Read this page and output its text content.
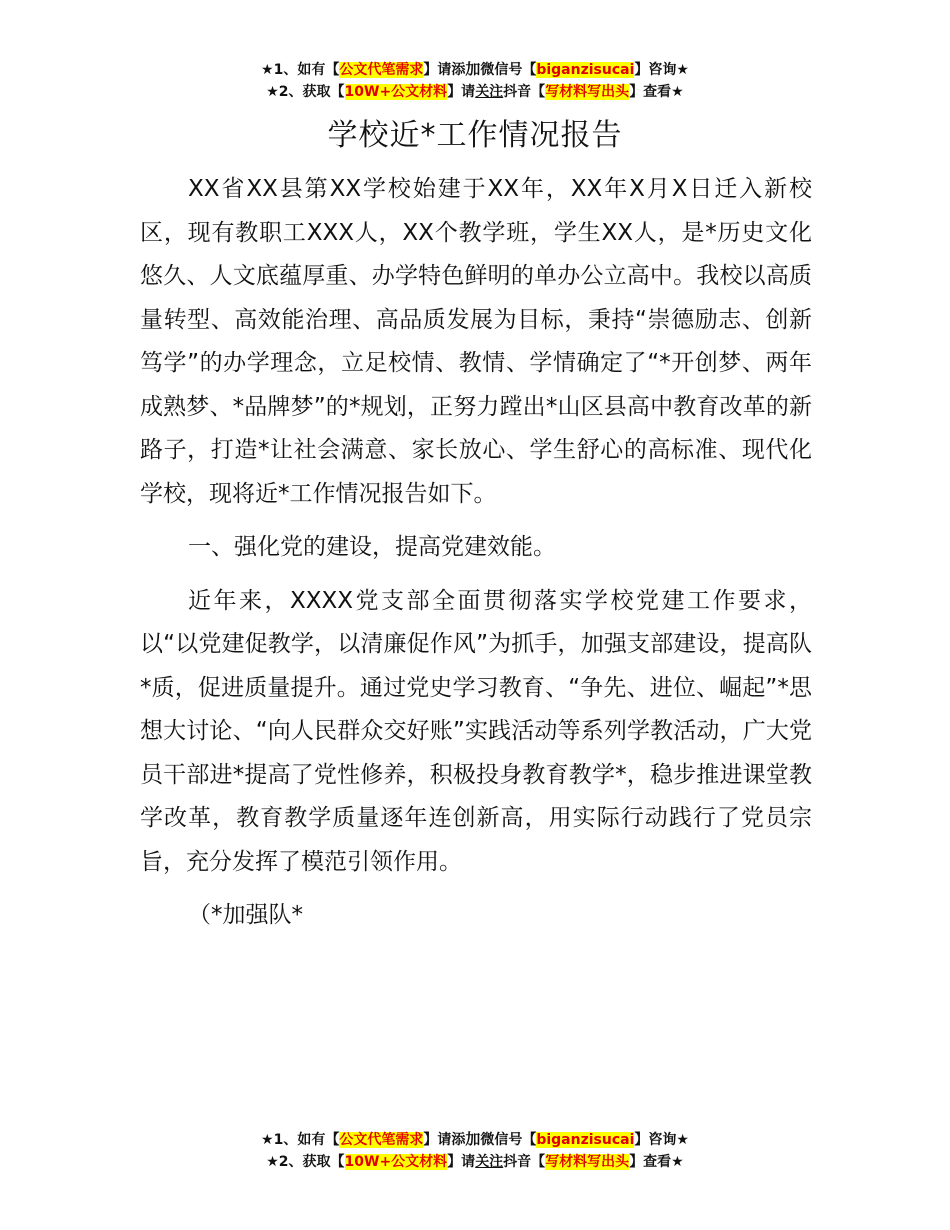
★1、如有【公文代笔需求】请添加微信号【biganzisucai】咨询★
★2、获取【10W+公文材料】请关注抖音【写材料写出头】查看★
学校近*工作情况报告

XX省XX县第XX学校始建于XX年，XX年X月X日迁入新校区，现有教职工XXX人，XX个教学班，学生XX人，是*历史文化悠久、人文底蕴厚重、办学特色鲜明的单办公立高中。我校以高质量转型、高效能治理、高品质发展为目标，秉持“崇德励志、创新笃学”的办学理念，立足校情、教情、学情确定了“*开创梦、两年成熟梦、*品牌梦”的*规划，正努力蹚出*山区县高中教育改革的新路子，打造*让社会满意、家长放心、学生舒心的高标准、现代化学校，现将近*工作情况报告如下。

一、强化党的建设，提高党建效能。

近年来，XXXX党支部全面贯彻落实学校党建工作要求，以“以党建促教学，以清廉促作风”为抓手，加强支部建设，提高队*质，促进质量提升。通过党史学习教育、“争先、进位、崛起”*思想大讨论、“向人民群众交好账”实践活动等系列学教活动，广大党员干部进*提高了党性修养，积极投身教育教学*，稳步推进课堂教学改革，教育教学质量逐年连创新高，用实际行动践行了党员宗旨，充分发挥了模范引领作用。

（*加强队*

★1、如有【公文代笔需求】请添加微信号【biganzisucai】咨询★
★2、获取【10W+公文材料】请关注抖音【写材料写出头】查看★
